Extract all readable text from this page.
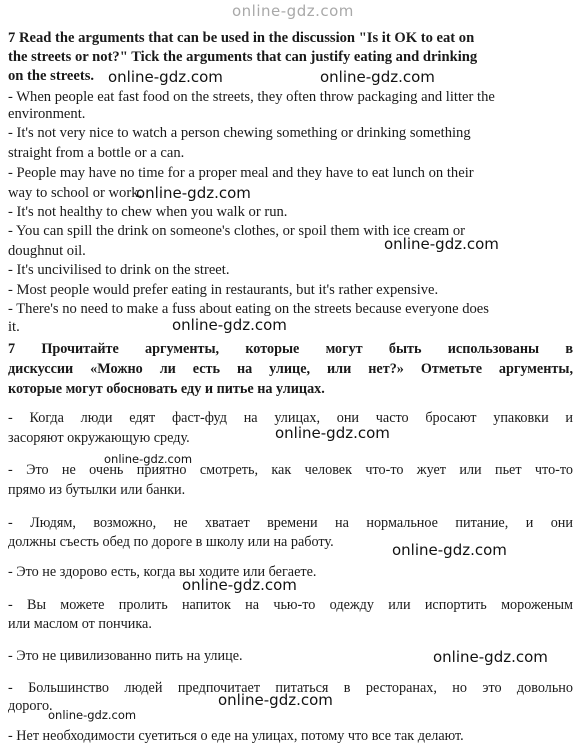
online-gdz.com
7 Read the arguments that can be used in the discussion "Is it OK to eat on
the streets or not?" Tick the arguments that can justify eating and drinking
on the streets.
- When people eat fast food on the streets, they often throw packaging and litter the
environment.
- It's not very nice to watch a person chewing something or drinking something
straight from a bottle or a can.
- People may have no time for a proper meal and they have to eat lunch on their
way to school or work.
- It's not healthy to chew when you walk or run.
- You can spill the drink on someone's clothes, or spoil them with ice cream or
doughnut oil.
- It's uncivilised to drink on the street.
- Most people would prefer eating in restaurants, but it's rather expensive.
- There's no need to make a fuss about eating on the streets because everyone does
it.
7 Прочитайте аргументы, которые могут быть использованы в
дискуссии «Можно ли есть на улице, или нет?» Отметьте аргументы,
которые могут обосновать еду и питье на улицах.
- Когда люди едят фаст-фуд на улицах, они часто бросают упаковки и
засоряют окружающую среду.
- Это не очень приятно смотреть, как человек что-то жует или пьет что-то
прямо из бутылки или банки.
- Людям, возможно, не хватает времени на нормальное питание, и они
должны съесть обед по дороге в школу или на работу.
- Это не здорово есть, когда вы ходите или бегаете.
- Вы можете пролить напиток на чью-то одежду или испортить мороженым
или маслом от пончика.
- Это не цивилизованно пить на улице.
- Большинство людей предпочитает питаться в ресторанах, но это довольно
дорого.
- Нет необходимости суетиться о еде на улицах, потому что все так делают.
online-gdz.com	online-gdz.com
online-gdz.com
online-gdz.com
online-gdz.com
online-gdz.com
online-gdz.com
online-gdz.com
online-gdz.com
online-gdz.com
online-gdz.com
online-gdz.com
